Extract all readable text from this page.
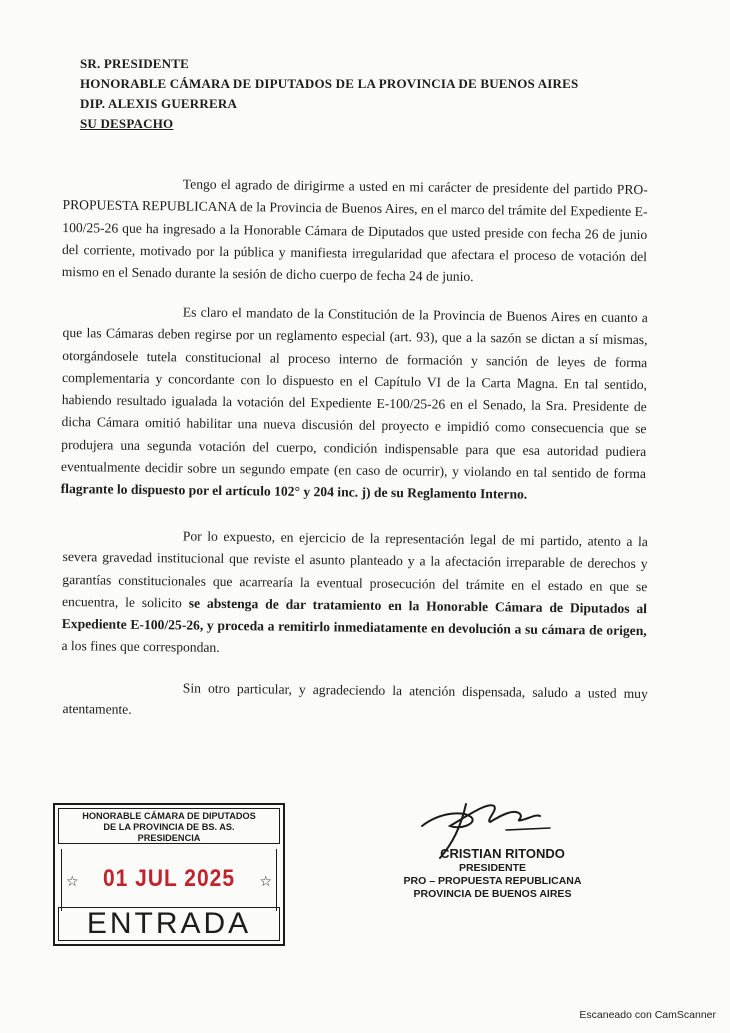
SR. PRESIDENTE
HONORABLE CÁMARA DE DIPUTADOS DE LA PROVINCIA DE BUENOS AIRES
DIP. ALEXIS GUERRERA
SU DESPACHO

Tengo el agrado de dirigirme a usted en mi carácter de presidente del partido PRO-PROPUESTA REPUBLICANA de la Provincia de Buenos Aires, en el marco del trámite del Expediente E-100/25-26 que ha ingresado a la Honorable Cámara de Diputados que usted preside con fecha 26 de junio del corriente, motivado por la pública y manifiesta irregularidad que afectara el proceso de votación del mismo en el Senado durante la sesión de dicho cuerpo de fecha 24 de junio.

Es claro el mandato de la Constitución de la Provincia de Buenos Aires en cuanto a que las Cámaras deben regirse por un reglamento especial (art. 93), que a la sazón se dictan a sí mismas, otorgándosele tutela constitucional al proceso interno de formación y sanción de leyes de forma complementaria y concordante con lo dispuesto en el Capítulo VI de la Carta Magna. En tal sentido, habiendo resultado igualada la votación del Expediente E-100/25-26 en el Senado, la Sra. Presidente de dicha Cámara omitió habilitar una nueva discusión del proyecto e impidió como consecuencia que se produjera una segunda votación del cuerpo, condición indispensable para que esa autoridad pudiera eventualmente decidir sobre un segundo empate (en caso de ocurrir), y violando en tal sentido de forma flagrante lo dispuesto por el artículo 102° y 204 inc. j) de su Reglamento Interno.

Por lo expuesto, en ejercicio de la representación legal de mi partido, atento a la severa gravedad institucional que reviste el asunto planteado y a la afectación irreparable de derechos y garantías constitucionales que acarrearía la eventual prosecución del trámite en el estado en que se encuentra, le solicito se abstenga de dar tratamiento en la Honorable Cámara de Diputados al Expediente E-100/25-26, y proceda a remitirlo inmediatamente en devolución a su cámara de origen, a los fines que correspondan.

Sin otro particular, y agradeciendo la atención dispensada, saludo a usted muy atentamente.

HONORABLE CÁMARA DE DIPUTADOS
DE LA PROVINCIA DE BS. AS.
PRESIDENCIA
☆	01 JUL 2025	☆
ENTRADA
CRISTIAN RITONDO
PRESIDENTE
PRO – PROPUESTA REPUBLICANA
PROVINCIA DE BUENOS AIRES
Escaneado con CamScanner
